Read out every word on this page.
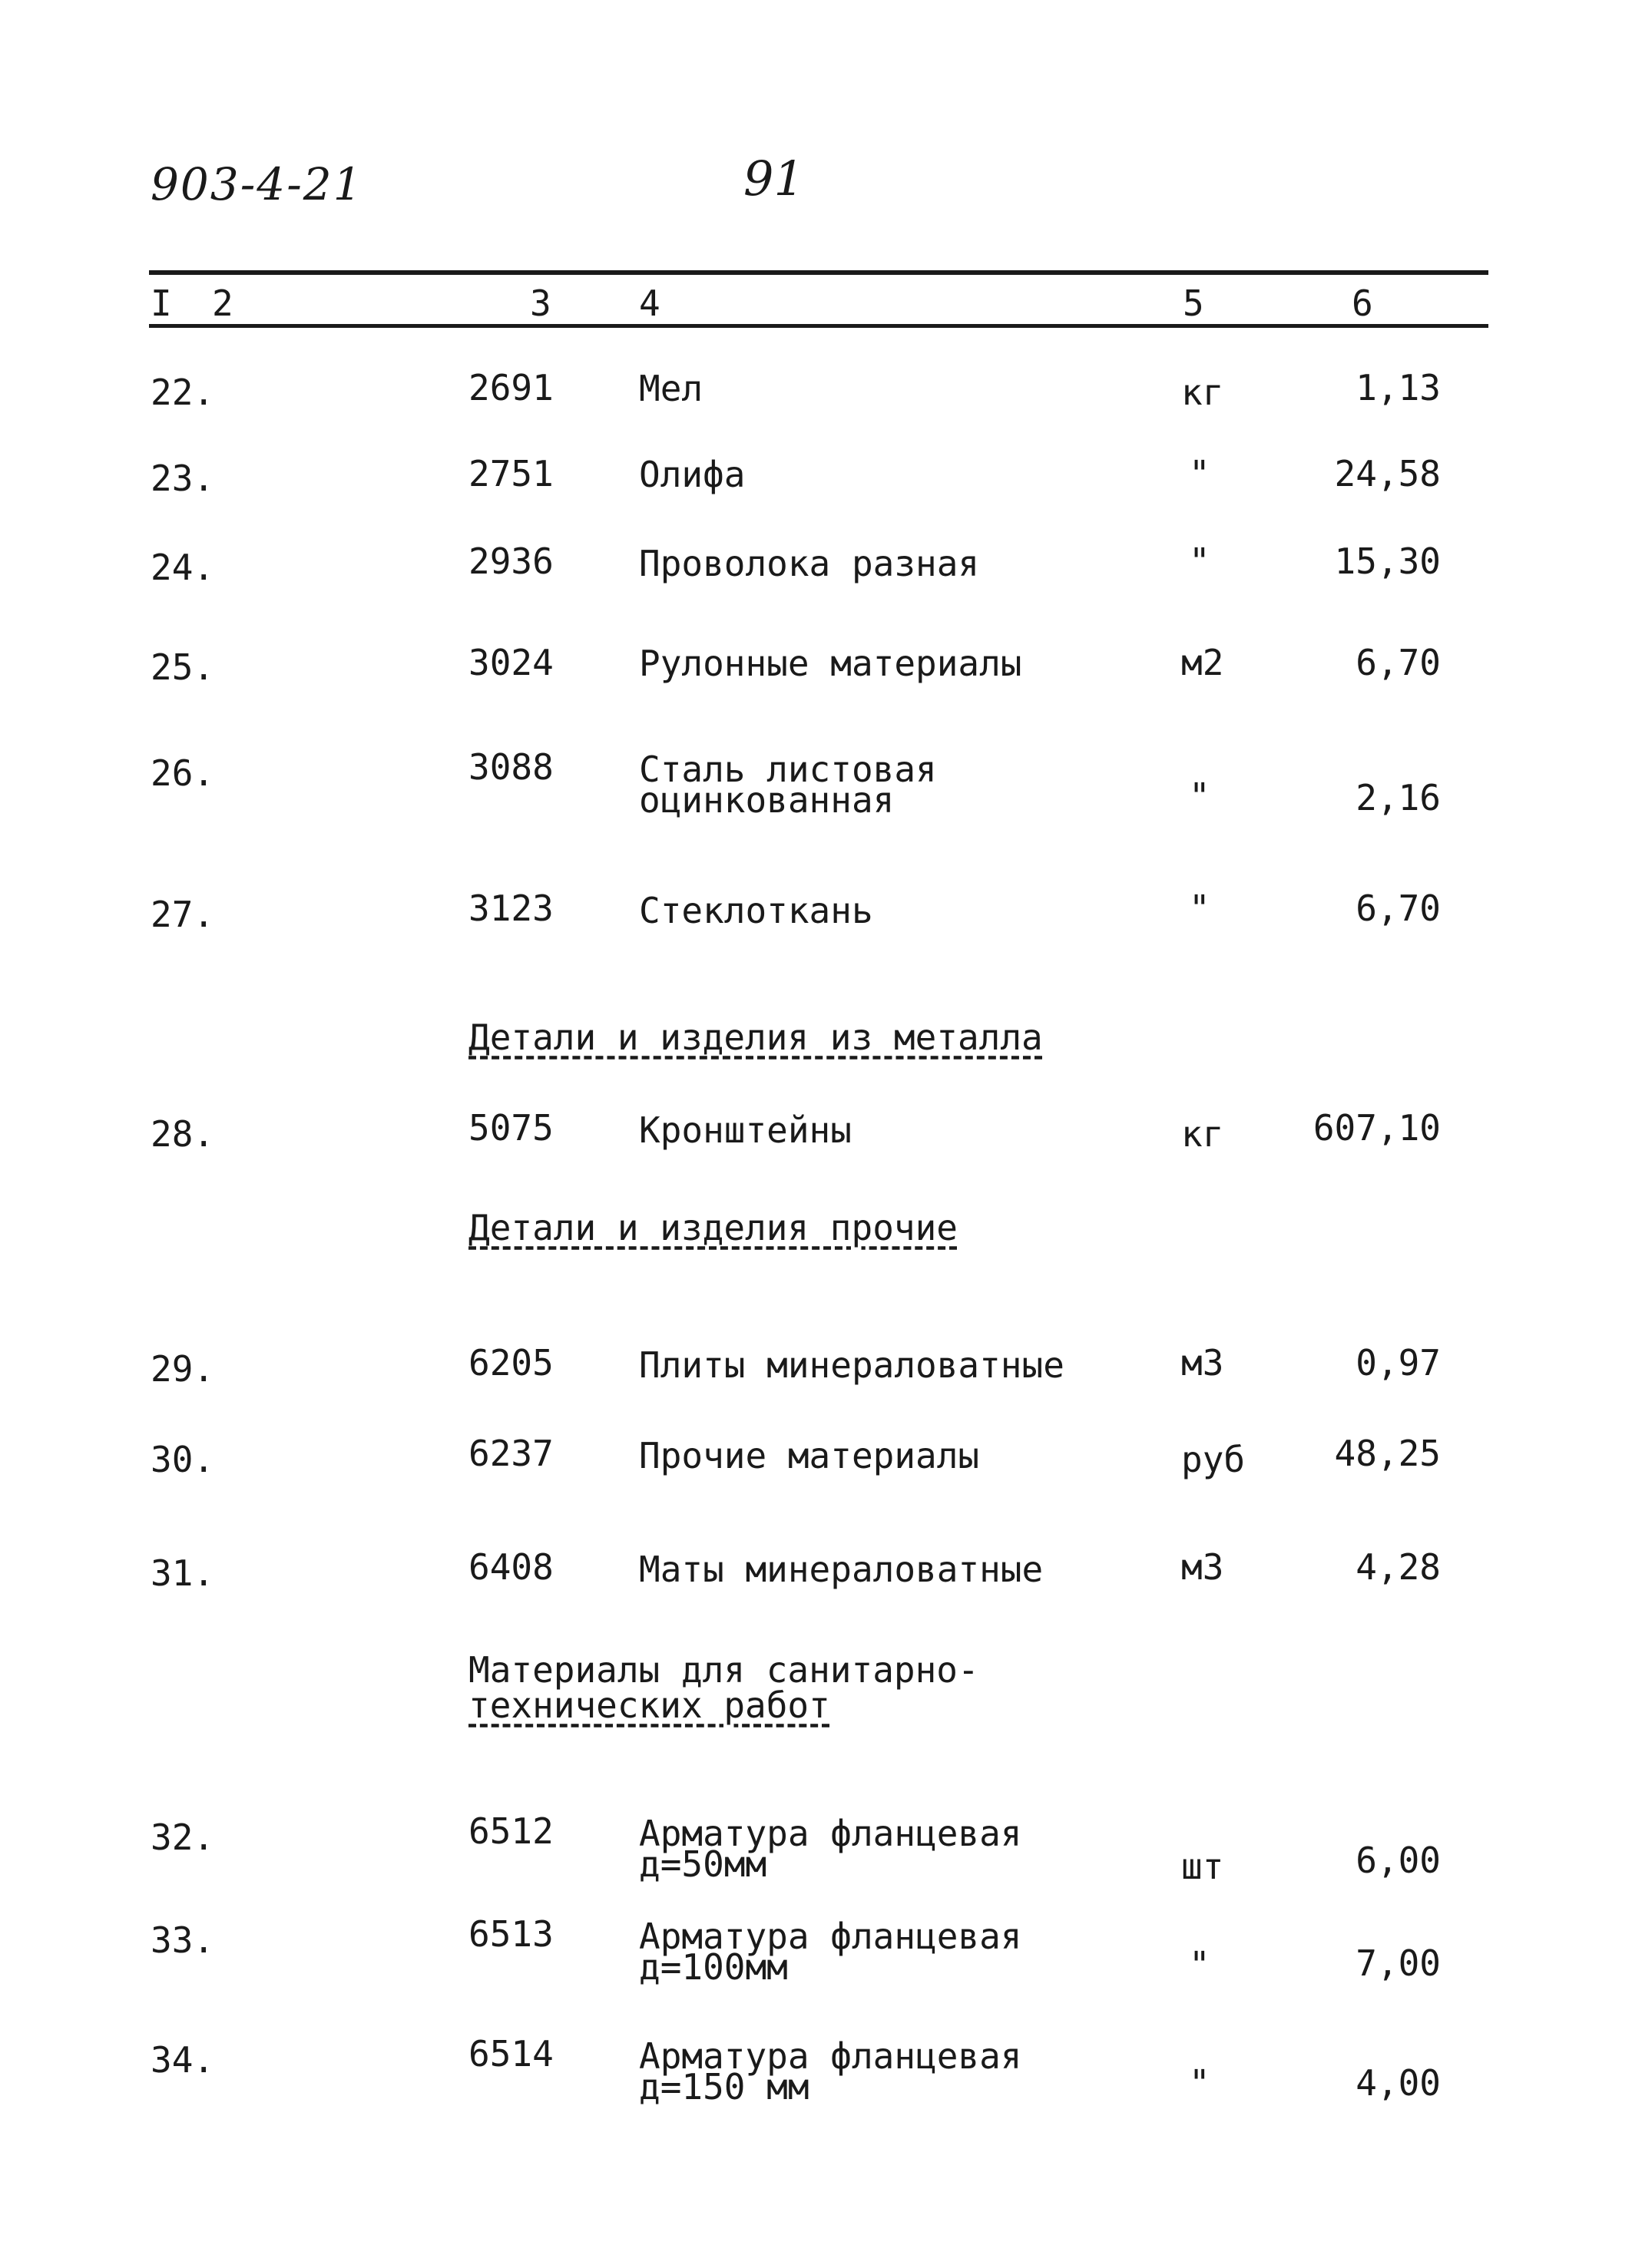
903-4-21	91
I 2	3 4	5	6
22.	2691 Мел	кг	1,13
23.	2751 Олифа	"	24,58
24.	2936 Проволока разная	"	15,30
25.	3024 Рулонные материалы	м2	6,70
26.	3088 Сталь листовая
оцинкованная	"	2,16
27.	3123 Стеклоткань	"	6,70
Детали и изделия из металла
28.	5075 Кронштейны	кг	607,10
Детали и изделия прочие
29.	6205 Плиты минераловатные	м3	0,97
30.	6237 Прочие материалы	руб	48,25
31.	6408 Маты минераловатные	м3	4,28
Материалы для санитарно-
технических работ
32.	6512 Арматура фланцевая
д=50мм	шт	6,00
33.	6513 Арматура фланцевая
д=100мм	"	7,00
34.	6514 Арматура фланцевая
д=150 мм	"	4,00
